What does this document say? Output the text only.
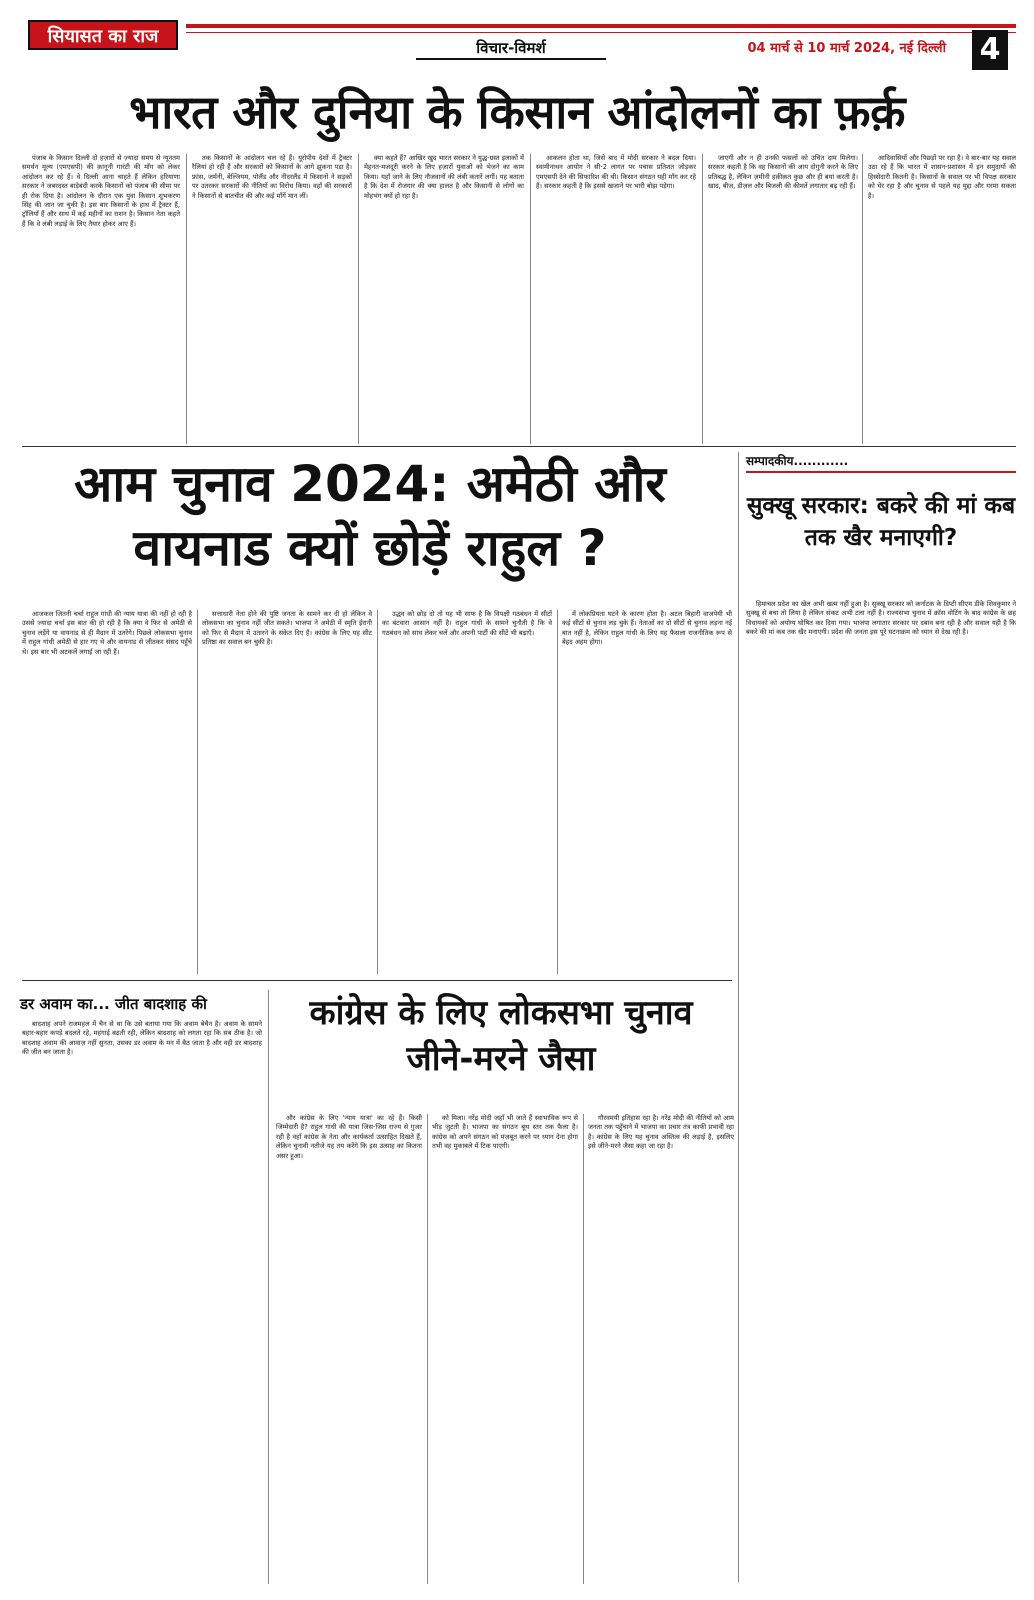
सियासत का राज
विचार-विमर्श	04 मार्च से 10 मार्च 2024, नई दिल्ली 4
भारत और दुनिया के किसान आंदोलनों का फ़र्क़

पंजाब के किसान दिल्ली दो हज़ारों से ज़्यादा समय से न्यूनतम समर्थन मूल्य (एमएसपी) की क़ानूनी गारंटी की माँग को लेकर आंदोलन कर रहे हैं। वे दिल्ली आना चाहते हैं लेकिन हरियाणा सरकार ने जबरदस्त बाड़ेबंदी करके किसानों को पंजाब की सीमा पर ही रोक दिया है। आंदोलन के दौरान एक युवा किसान शुभकरण सिंह की जान जा चुकी है। इस बार किसानों के हाथ में ट्रैक्टर हैं, ट्रॉलियाँ हैं और साथ में कई महीनों का राशन है। किसान नेता कहते हैं कि वे लंबी लड़ाई के लिए तैयार होकर आए हैं।

तक किसानों के आंदोलन चल रहे हैं। यूरोपीय देशों में ट्रैक्टर रैलियां हो रही हैं और सरकारों को किसानों के आगे झुकना पड़ा है। फ्रांस, जर्मनी, बेल्जियम, पोलैंड और नीदरलैंड में किसानों ने सड़कों पर उतरकर सरकारों की नीतियों का विरोध किया। वहाँ की सरकारों ने किसानों से बातचीत की और कई माँगें मान लीं।

क्या कहते हैं? आखिर खुद भारत सरकार ने युद्ध-ग्रस्त इलाकों में मेहनत-मजदूरी करने के लिए हज़ारों युवाओं को भेजने का काम किया। यहाँ जाने के लिए नौजवानों की लंबी कतारें लगीं। यह बताता है कि देश में रोजगार की क्या हालत है और किसानी से लोगों का मोहभंग क्यों हो रहा है।

आकलन होता था, जिसे बाद में मोदी सरकार ने बदल दिया। स्वामीनाथन आयोग ने सी-2 लागत पर पचास प्रतिशत जोड़कर एमएसपी देने की सिफारिश की थी। किसान संगठन यही माँग कर रहे हैं। सरकार कहती है कि इससे खजाने पर भारी बोझ पड़ेगा।

जाएगी और न ही उनकी फसलों को उचित दाम मिलेगा। सरकार कहती है कि वह किसानों की आय दोगुनी करने के लिए प्रतिबद्ध है, लेकिन ज़मीनी हक़ीक़त कुछ और ही बयां करती है। खाद, बीज, डीज़ल और बिजली की कीमतें लगातार बढ़ रही हैं।

आदिवासियों और पिछड़ों पर रहा है। वे बार-बार यह सवाल उठा रहे हैं कि भारत में शासन-प्रशासन में इन समुदायों की हिस्सेदारी कितनी है। किसानों के सवाल पर भी विपक्ष सरकार को घेर रहा है और चुनाव से पहले यह मुद्दा और गरमा सकता है।

आम चुनाव 2024: अमेठी और वायनाड क्यों छोड़ें राहुल ?

आजकल जितनी चर्चा राहुल गांधी की न्याय यात्रा की नहीं हो रही है उससे ज्यादा चर्चा इस बात की हो रही है कि क्या वे फिर से अमेठी से चुनाव लड़ेंगे या वायनाड से ही मैदान में उतरेंगे। पिछले लोकसभा चुनाव में राहुल गांधी अमेठी से हार गए थे और वायनाड से जीतकर संसद पहुँचे थे। इस बार भी अटकलें लगाई जा रही हैं।

सत्ताधारी नेता होने की पुष्टि जनता के सामने कर दी हो लेकिन वे लोकसभा का चुनाव नहीं जीत सकते। भाजपा ने अमेठी में स्मृति ईरानी को फिर से मैदान में उतारने के संकेत दिए हैं। कांग्रेस के लिए यह सीट प्रतिष्ठा का सवाल बन चुकी है।

उद्धव को छोड़ दो तो यह भी साफ है कि विपक्षी गठबंधन में सीटों का बंटवारा आसान नहीं है। राहुल गांधी के सामने चुनौती है कि वे गठबंधन को साथ लेकर चलें और अपनी पार्टी की सीटें भी बढ़ाएँ।

में लोकप्रियता घटने के कारण होता है। अटल बिहारी वाजपेयी भी कई सीटों से चुनाव लड़ चुके हैं। नेताओं का दो सीटों से चुनाव लड़ना नई बात नहीं है, लेकिन राहुल गांधी के लिए यह फैसला राजनीतिक रूप से बेहद अहम होगा।

सम्पादकीय............
सुक्खू सरकार: बकरे की मां कब तक खैर मनाएगी?

हिमाचल प्रदेश का खेल अभी खत्म नहीं हुआ है। सुक्खू सरकार को कर्नाटक के डिप्टी सीएम डीके शिवकुमार ने सुक्खू से बचा तो लिया है लेकिन संकट अभी टला नहीं है। राज्यसभा चुनाव में क्रॉस वोटिंग के बाद कांग्रेस के छह विधायकों को अयोग्य घोषित कर दिया गया। भाजपा लगातार सरकार पर दबाव बना रही है और सवाल यही है कि बकरे की मां कब तक खैर मनाएगी। प्रदेश की जनता इस पूरे घटनाक्रम को ध्यान से देख रही है।

डर अवाम का... जीत बादशाह की

बादशाह अपने राजमहल में चैन से था कि उसे बताया गया कि अवाम बेचैन है। अवाम के सामने बहार-बहार कपड़े बदलते रहे, महंगाई बढ़ती रही, लेकिन बादशाह को लगता रहा कि सब ठीक है। जो बादशाह अवाम की आवाज़ नहीं सुनता, उसका डर अवाम के मन में बैठ जाता है और वही डर बादशाह की जीत बन जाता है।

कांग्रेस के लिए लोकसभा चुनाव जीने-मरने जैसा

और कांग्रेस के लिए 'न्याय यात्रा' का रहे हैं। किसी जिम्मेदारी है? राहुल गांधी की यात्रा जिस-जिस राज्य से गुजर रही है वहाँ कांग्रेस के नेता और कार्यकर्ता उत्साहित दिखते हैं, लेकिन चुनावी नतीजे यह तय करेंगे कि इस उत्साह का कितना असर हुआ।

को मिला। नरेंद्र मोदी जहाँ भी जाते हैं स्वाभाविक रूप से भीड़ जुटती है। भाजपा का संगठन बूथ स्तर तक फैला है। कांग्रेस को अपने संगठन को मज़बूत करने पर ध्यान देना होगा तभी वह मुकाबले में टिक पाएगी।

गौरवमयी इतिहास रहा है। नरेंद्र मोदी की नीतियों को आम जनता तक पहुँचाने में भाजपा का प्रचार तंत्र काफी प्रभावी रहा है। कांग्रेस के लिए यह चुनाव अस्तित्व की लड़ाई है, इसलिए इसे जीने-मरने जैसा कहा जा रहा है।
